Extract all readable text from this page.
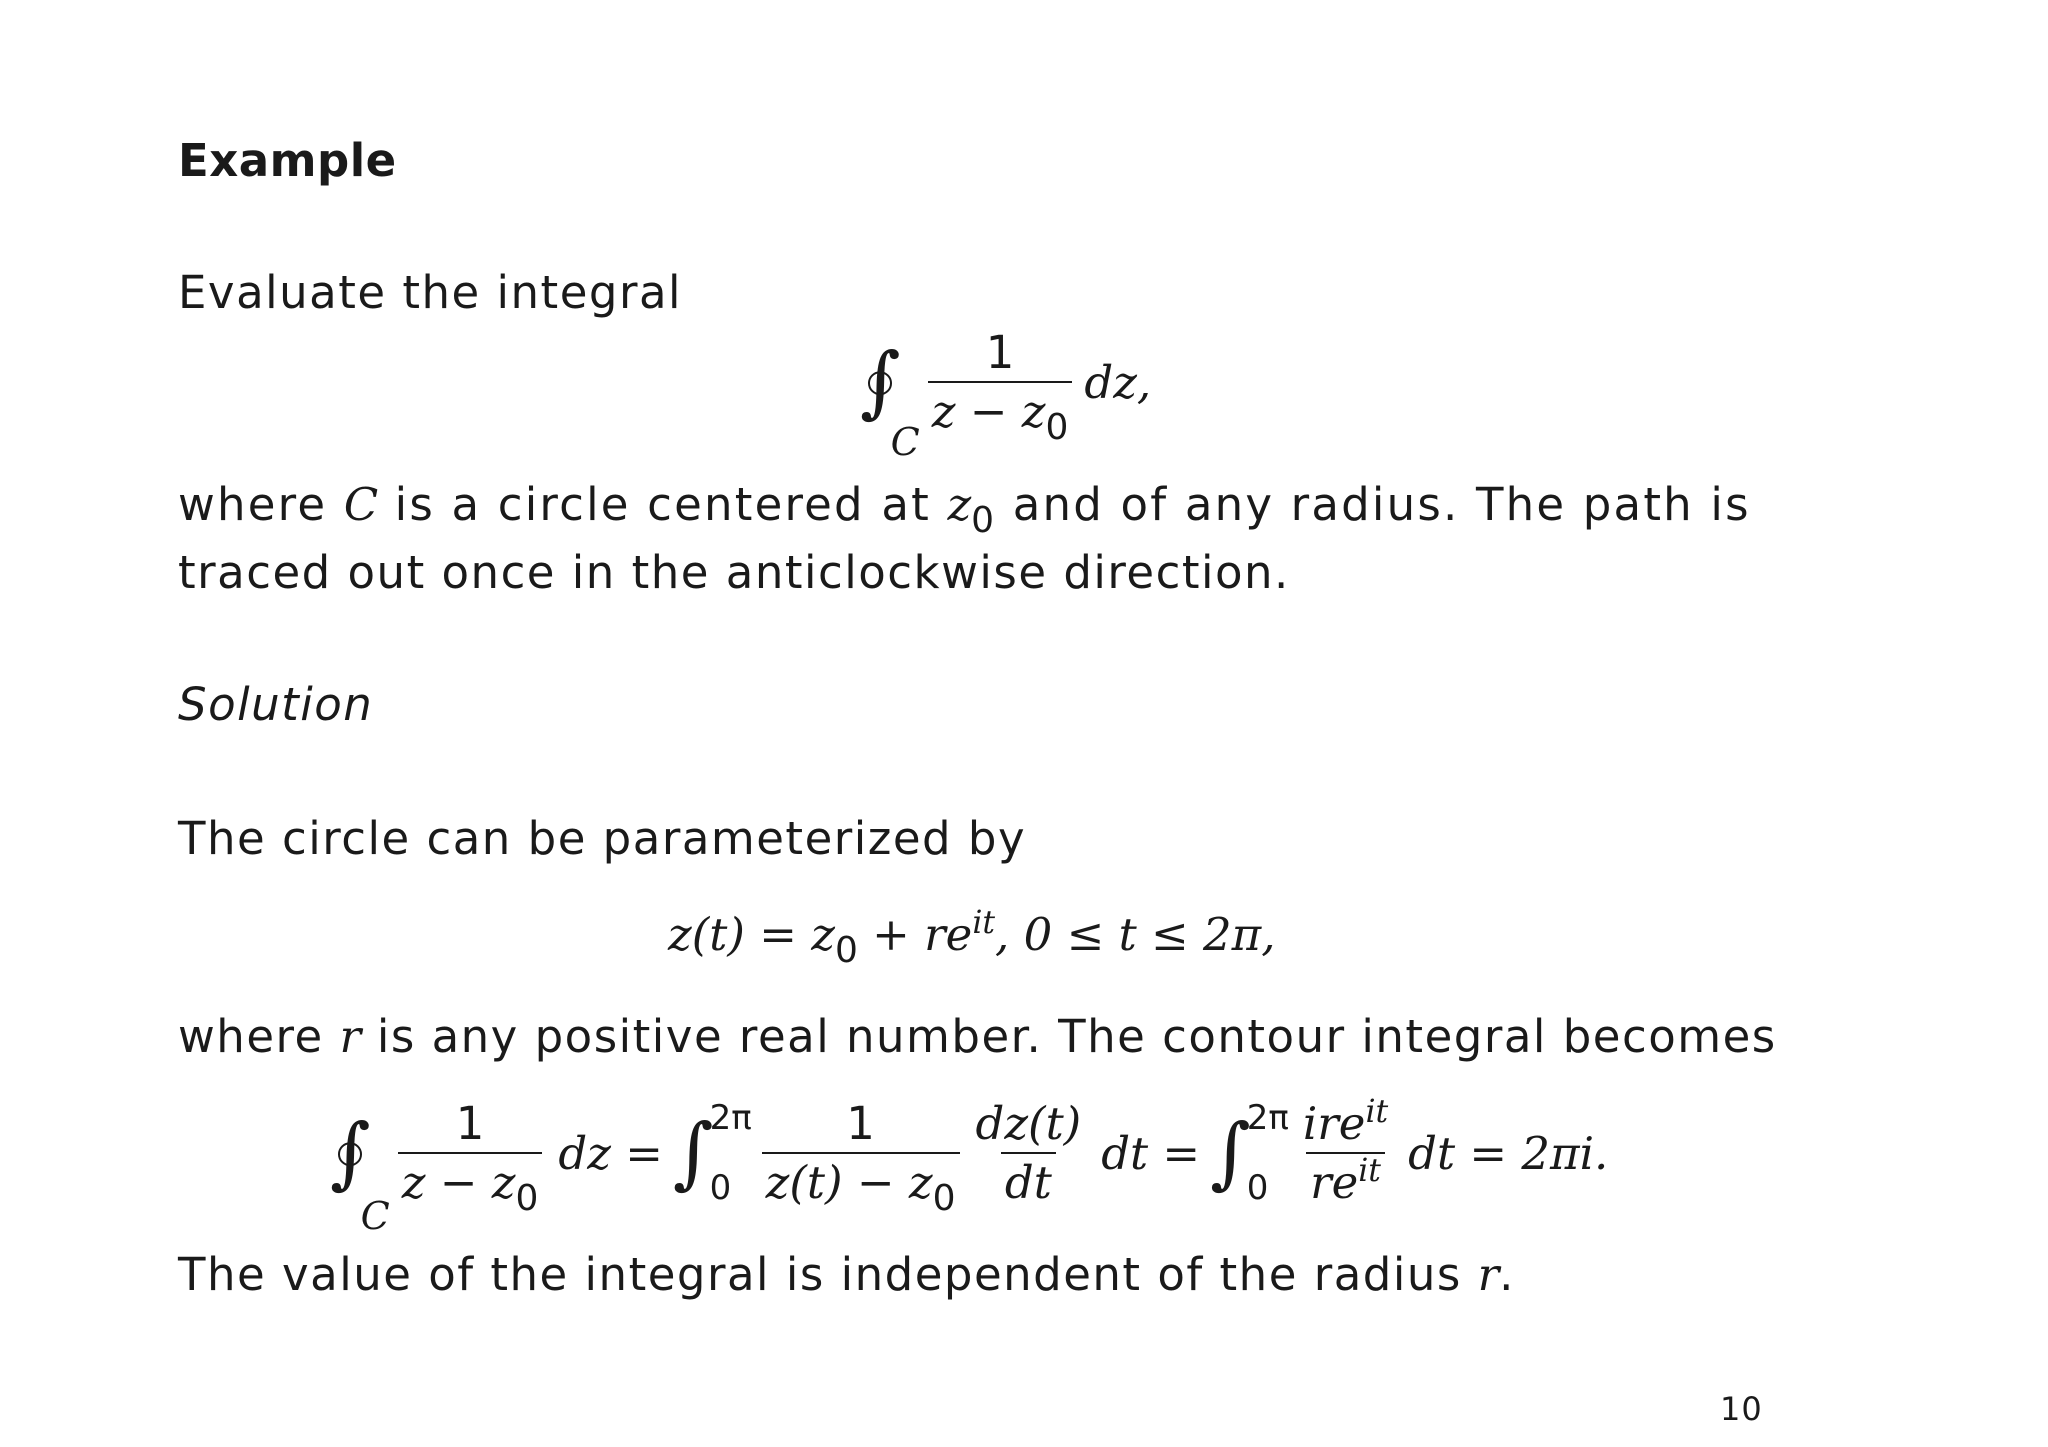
Example
Evaluate the integral
∫
C
$\frac{1}{z - z_0}$ dz,

where C is a circle centered at $z_0$ and of any radius. The path is

traced out once in the anticlockwise direction.

Solution
The circle can be parameterized by
$z(t) = z_0 + re^{it}$, 0 ≤ t ≤ 2π,

where r is any positive real number. The contour integral becomes

∫
C
$\frac{1}{z - z_0}$ dz = ∫
2π
$0 \frac{1}{z(t) - z_0} \frac{dz(t)}{dt}$ dt = ∫
2π
$0 \frac{ire^{it}}{re^{it}}$ dt = 2πi.

The value of the integral is independent of the radius r.

10
